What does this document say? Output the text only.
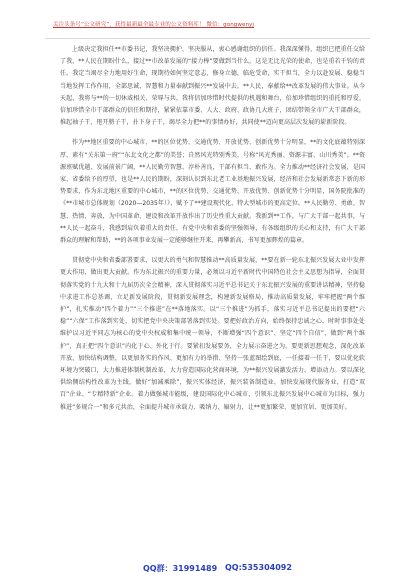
关注头条号“公文研究”，获得最新最全最专业的公文资料库！ 微信：gongwenyj

上级决定我担任**市委书记，我坚决拥护、坚决服从，衷心感谢组织的信任。我深深懂得，组织已把重任交给了我，**人民在期盼什么，接过**市改革发展的“接力棒”要做到当什么。这是无比光荣的使命，也是重若千钧的责任。我定当竭尽全力地用好生命，现期待如何坚定意志、修身立德，临危受命，实干担当，全力以赴发展、稳稳当当地发挥工作作用，全部思诚、智慧和力量奉献到振兴**发展中去。**人民，奉献给**改革发展的伟大事业。从今天起，我将与**的一切休戚相关、荣辱与共，我将信加珍惜时代提供的机遇和舞台，倍加珍惜组织的重托和厚爱，倍加珍惜全市干部群众的信任和期待，紧紧依靠市委、人大、政府、政协几大班子，团结带领全市广大干部群众，推起袖子干，甩开膀子干，扑下身子干，竭尽全力把**的事情办好，共同使**迈向更高层次发展的崭新阶段。

作为**地区重要的中心城市，**的区位优势、交通优势、开放优势、创新优势十分明显，**的文化底蕴特别深厚，素有“关东第一府”“东北文化之都”的美誉；自然风光特别秀美，号称“风光秀丽、资源丰富、山川秀美”。**资源禀赋优越、发展前景广阔，**人民勤劳智慧、淳朴善良，干部有担当、敢作为。全力推动**经济社会发展，是国家、省委给予的厚望，也是**人民的期盼，深刻认识到东北老工业基地振兴发展，经济和社会发展新常态下新的形势要求，作为东北地区重要的中心城市，**的区位优势、交通优势、开放优势、创新优势十分明显，国务院批准的《**市城市总体规划（2020—2035年）》，赋予了**建设现代化、特大型城市的更高定位。**人民勤劳、勇敢、智慧、热情、奔放，为中国革命、建设和改革开放作出了历史性重大贡献。我新到**工作，与广大干部一起共事，与**人民一起奋斗，我感到肩负着重大的责任，有党中央和省委的坚强领导，有各级组织的关心和支持，有广大干部群众的理解和帮助，**的各项事业发展一定能够继往开来、再攀新高，书写更加辉煌的篇章。

贯彻党中央和省委部署要求，以更大的勇气和智慧推动**高质量发展，**要在新一轮东北振兴发展大业中发挥更大作用，做出更大贡献。作为东北振兴的重要力量，必须以习近平新时代中国特色社会主义思想为指导，全面贯彻落实党的十九大和十九届历次全会精神，深入贯彻落实习近平总书记关于东北振兴发展的重要讲话精神，坚持稳中求进工作总基调，立足新发展阶段，贯彻新发展理念，构建新发展格局，推动高质量发展，牢牢把握“两个维护”，扎实推动“四个着力”“三个推进”在**落地落实。以“三个推进”为抓手，落实习近平总书记提出的要把“六稳”“六保”工作落到实处，切实把党中央决策部署落到实处。要把好政治方向，始终保持忠诚之心，时时事事处处维护以习近平同志为核心的党中央权威和集中统一领导，不断增强“四个意识”、坚定“四个自信”、做到“两个维护”，真正把“四个意识”内化于心、外化于行。要紧扣发展要务，全力展示奋进之为。要更新思想观念，深化改革开放，加快结构调整，以更加务实的作风、更加有力的举措、坚持一张蓝图绘到底，一任接着一任干，要以优化软环境为突破口，大力推进体制机制改革，大力营造国际化营商环境，为**振兴发展激发活力、增添动力。要以深化供给侧结构性改革为主线，做好“加减乘除”，振兴实体经济，振兴装备制造业，加快发展现代服务业，打造“双百”企业、“专精特新”企业。着力做强城市能级，建设国际化中心城市，引领东北振兴发展中心城市为目标，强力推进“多规合一”和多元共治，全面提升城市承载力、吸纳力、辐射力，让**更加繁荣、更加宜居、更加美好。

QQ群：31991489 QQ:535304092
